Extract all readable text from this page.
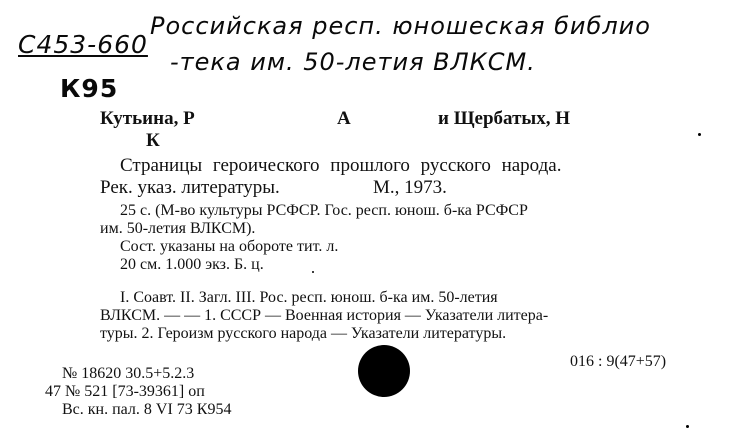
С453-660
Российская респ. юношеская библио
-тека им. 50-летия ВЛКСМ.
К95
Кутьина, Р	А	и Щербатых, Н
К
Страницы героического прошлого русского народа.
Рек. указ. литературы.	М., 1973.
25 с. (М-во культуры РСФСР. Гос. респ. юнош. б-ка РСФСР
им. 50-летия ВЛКСМ).
Сост. указаны на обороте тит. л.
20 см. 1.000 экз. Б. ц.
I. Соавт. II. Загл. III. Рос. респ. юнош. б-ка им. 50-летия
ВЛКСМ. — — 1. СССР — Военная история — Указатели литера-
туры. 2. Героизм русского народа — Указатели литературы.
016 : 9(47+57)
№ 18620 30.5+5.2.3
47 № 521 [73-39361] оп
Вс. кн. пал. 8 VI 73 К954
